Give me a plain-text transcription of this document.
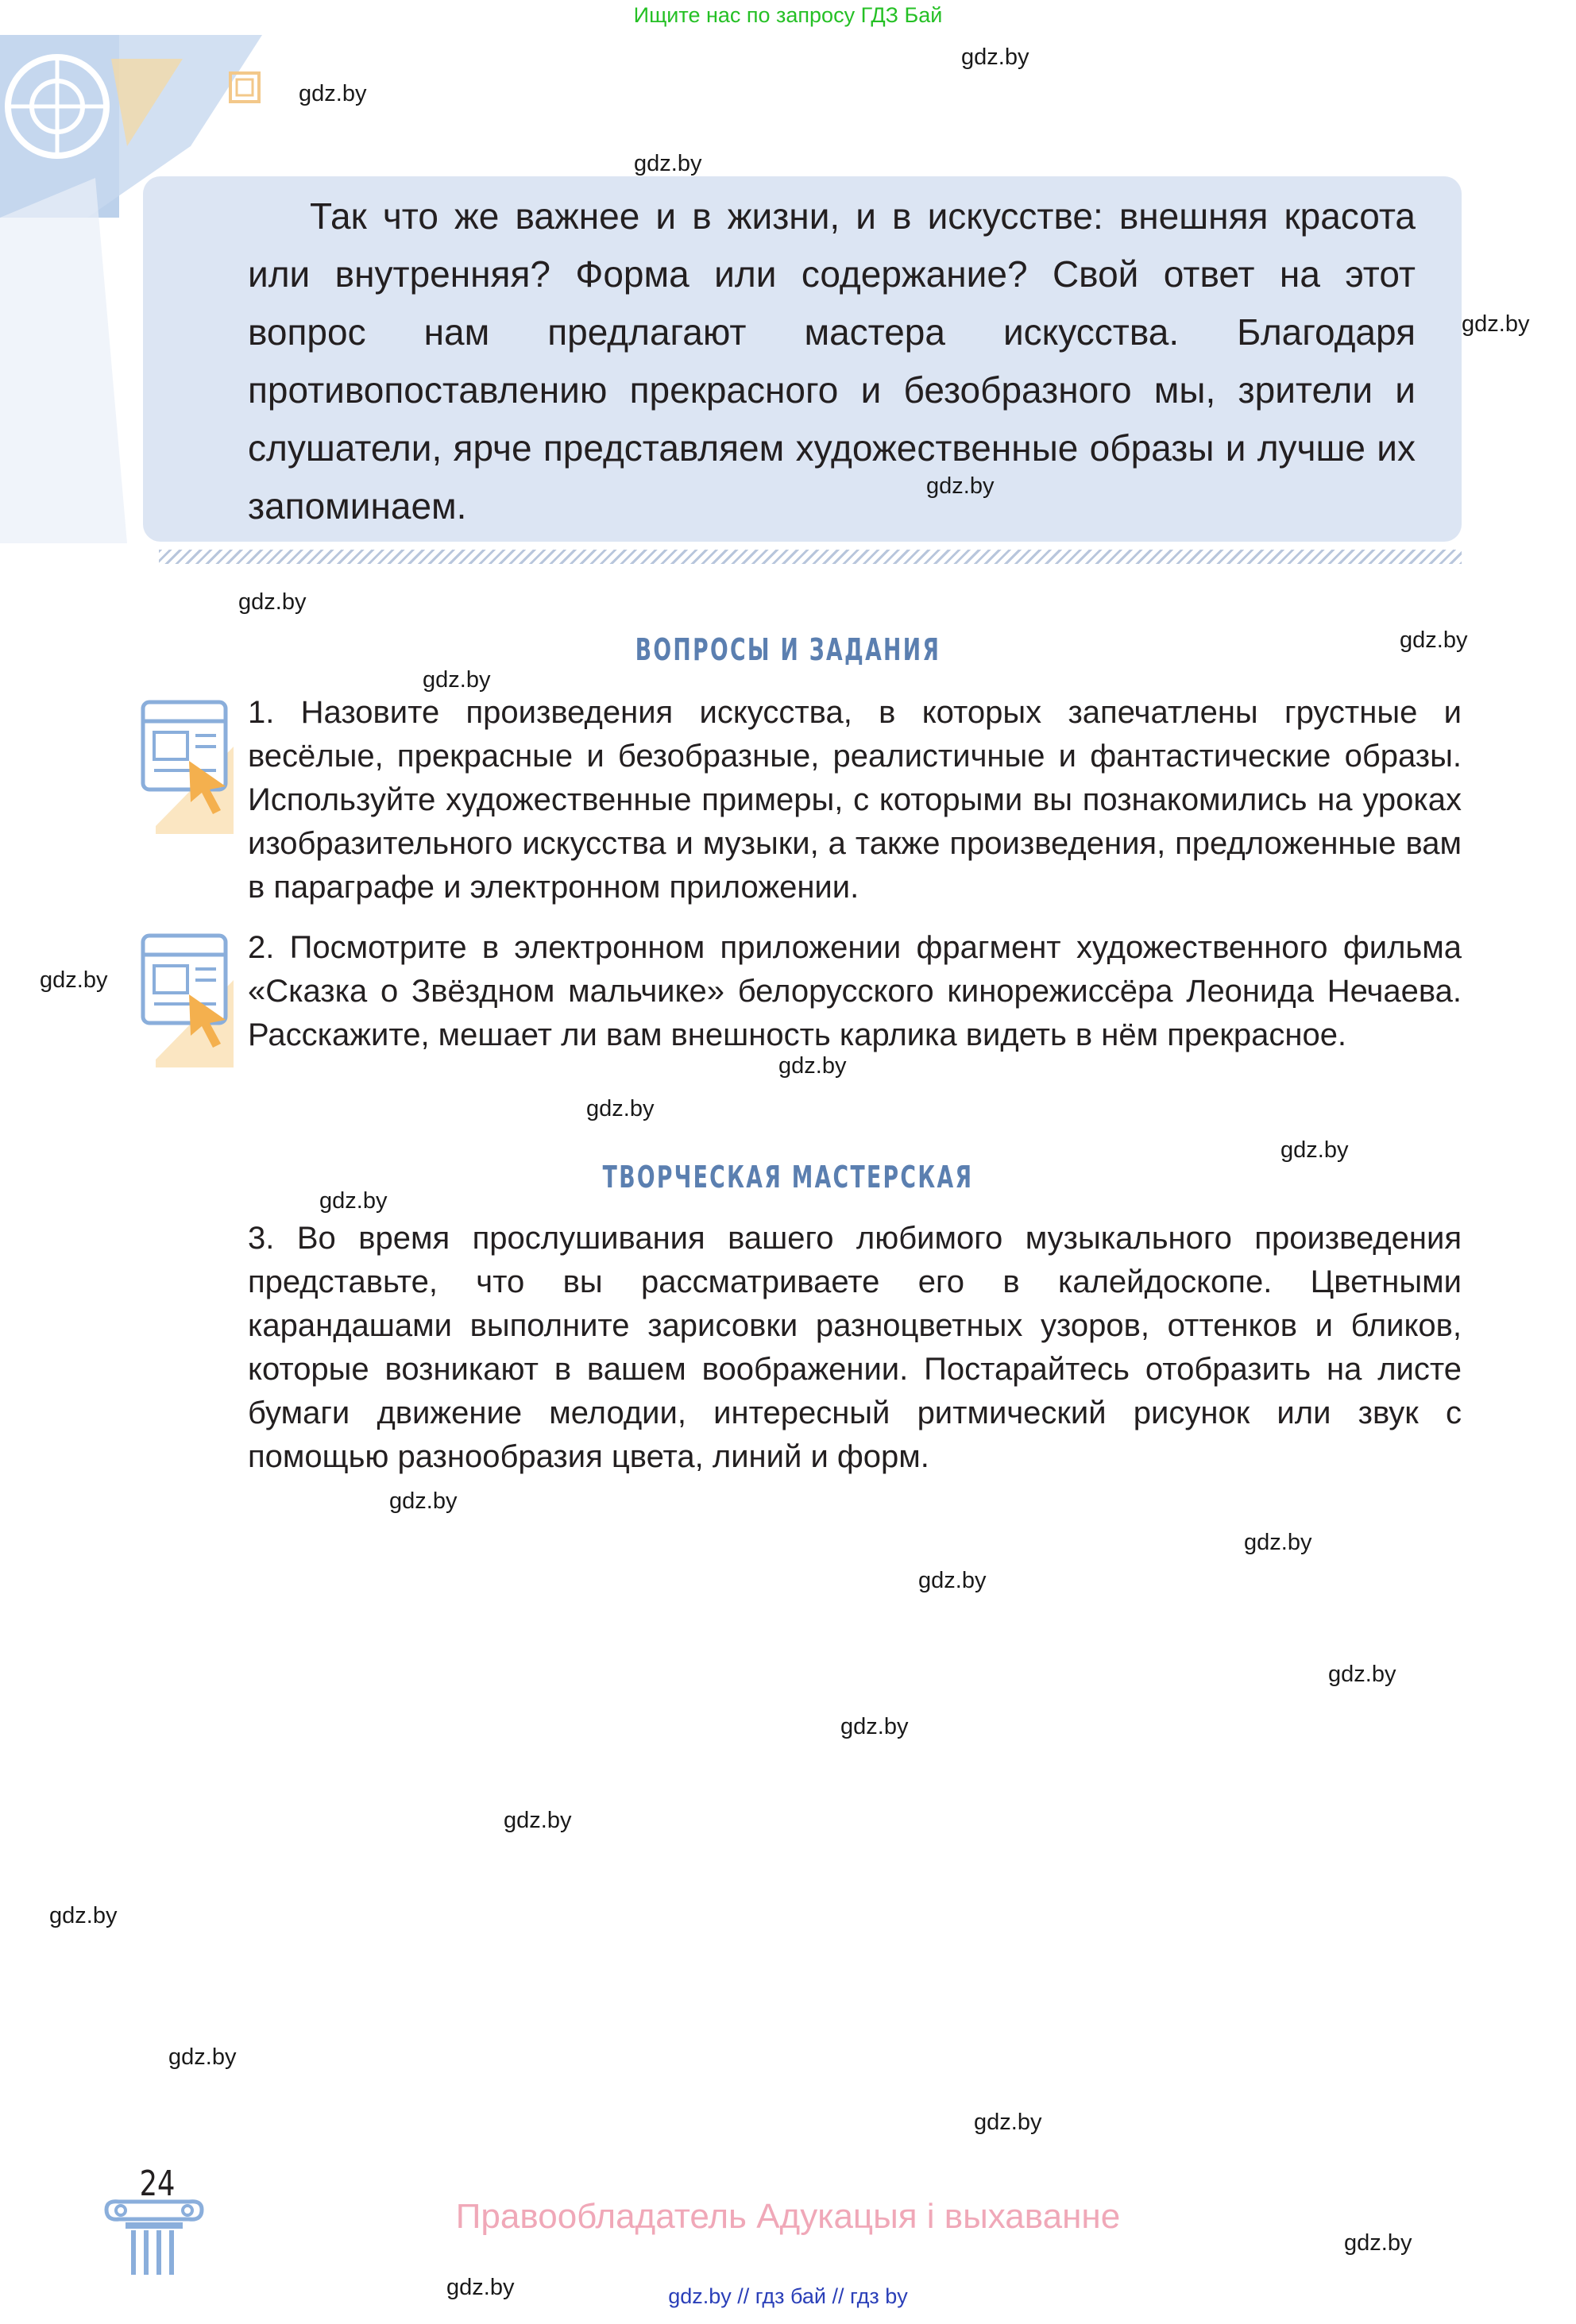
Ищите нас по запросу ГДЗ Бай
Так что же важнее и в жизни, и в искусстве: внешняя красота или внутренняя? Форма или содержание? Свой ответ на этот вопрос нам предлагают мастера искусства. Благодаря противопоставлению прекрасного и безобразного мы, зрители и слушатели, ярче представляем художественные образы и лучше их запоминаем.
ВОПРОСЫ И ЗАДАНИЯ
1. Назовите произведения искусства, в которых запечатлены грустные и весёлые, прекрасные и безобразные, реалистичные и фантастические образы. Используйте художественные примеры, с которыми вы познакомились на уроках изобразительного искусства и музыки, а также произведения, предложенные вам в параграфе и электронном приложении.
2. Посмотрите в электронном приложении фрагмент художественного фильма «Сказка о Звёздном мальчике» белорусского кинорежиссёра Леонида Нечаева. Расскажите, мешает ли вам внешность карлика видеть в нём прекрасное.
ТВОРЧЕСКАЯ МАСТЕРСКАЯ
3. Во время прослушивания вашего любимого музыкального произведения представьте, что вы рассматриваете его в калейдоскопе. Цветными карандашами выполните зарисовки разноцветных узоров, оттенков и бликов, которые возникают в вашем воображении. Постарайтесь отобразить на листе бумаги движение мелодии, интересный ритмический рисунок или звук с помощью разнообразия цвета, линий и форм.
gdz.by
gdz.by
gdz.by
gdz.by
gdz.by
gdz.by
gdz.by
gdz.by
gdz.by
gdz.by
gdz.by
gdz.by
gdz.by
gdz.by
gdz.by
gdz.by
gdz.by
gdz.by
gdz.by
gdz.by
gdz.by
gdz.by
gdz.by
gdz.by
24
Правообладатель Адукацыя і выхаванне
gdz.by // гдз бай // гдз by
